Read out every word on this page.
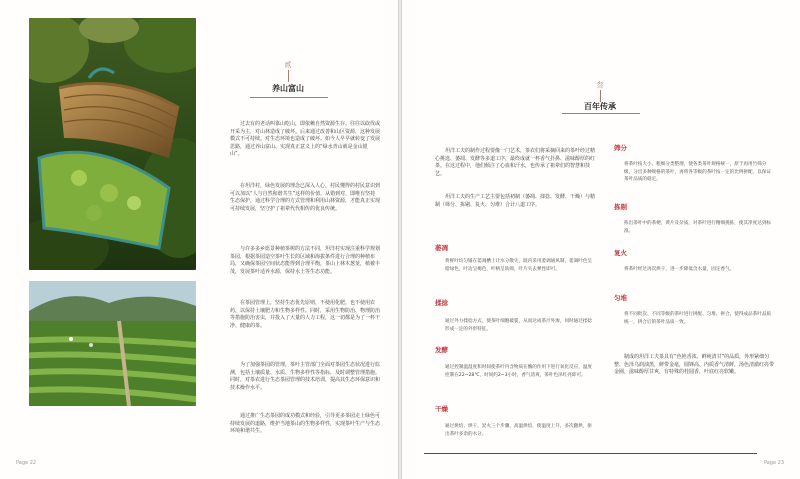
贰
养山富山

过去有的老话叫靠山吃山，即依赖自然资源生存。往往以砍伐或开采为主，对山林造成了破坏。后来通过改善和山区资源，这种发展模式不可持续。对生态环境也造成了破坏。如今人早早就转变了发展思路，通过养山富山、实现真正意义上的“绿水青山就是金山银山”。

在坦洋村，绿色发展的理念已深入人心，村民懂得的村民意识到可以加以“人与自然和谐共生”这样的价值，从错到对，即唯有坚持生态保护，通过科学合理的方式管理和利用山林资源，才能真正实现可持续发展，坚守护了祖辈代代相传的优良传统。

与许多多乡愿景种植茶树的方法不同，坦洋村实现注重科学规划茶园，根据茶园造空茶叶生长的区域和海拔条件进行合理的种植布局，又确保茶园空间状态能得到合理平衡，茶山上林木葱茏，植被丰茂，发展茶叶适养水源，保持水土等生态功能。

在茶园管理上，坚持生态优先原则，不使用化肥，也不使用农药，以保持土壤肥力和生物多样性。同时，采用生物防治、物理防治等措施防治害虫，并投入了大量的人力工程，这一切都是为了一杯干净、健康的茶。

为了加强茶园的管理，茶叶主管部门全面对茶园生态状况进行监测，包括土壤质量、水质、生物多样性等指标，及时调整管理措施。同时，对茶农进行生态茶园管理的技术培训，提高其生态环保意识和技术操作水平。

通过推广生态茶园的成功模式和经验，引导更多茶园走上绿色可持续发展的道路，维护当地茶山的生物多样性，实现茶叶生产与生态环境和谐共生。

Page 22
叁
百年传承

坦洋工夫的制作过程要像一门艺术，茶农们将采摘回来的茶叶经过精心挑选、萎凋、发酵等多道工序，最终成就一杯香气扑鼻、滋味醇厚的红茶。在这过程中，他们倾注了心血和汗水，也传承了祖辈们的智慧和技艺。

坦洋工夫的生产工艺主要包括初制（萎凋、揉捻、发酵、干燥）与精制（筛分、拣剔、复火、匀堆）合计八道工序。

萎凋

将鲜叶均匀铺在萎凋槽上让水分散失，既内采用萎调通风制，萎凋叶色呈暗绿色，叶边呈褐色，叶柄呈软绵，叶片失去弹性即可。

揉捻

通过外力揉捻方式，使茶叶细胞破裂，从而达成茶汁外渗，同时通过揉捻形成一定的外形特征。

发酵

通过控制温湿度和时间使茶叶内含物质在酶的作用下进行氧化反应，温度控制在22~28℃，时间约2~3小时，香气清爽，茶叶色泽红亮即可。

干燥

通过烘焙、烘干、炭火三个步骤，高温烘焙，使温度上升，多次翻烘，驱出茶叶多余的水分。

筛分

将茶叶按大小、粗细分类整理，使各类茶叶规格统一，原于再用竹筛分级，分出多种规格的茶叶，再将各等级的茶叶按一定的比例拼配，以保证茶叶品质的稳定。

拣剔

拣出茶叶中的茶梗、黄片及杂质，对茶叶进行精细挑拣，使其净度达到标准。

复火

将茶叶经过再次烘干，进一步降低含水量，固定香气。

匀堆

将不同批次、不同等级的茶叶进行拼配、匀堆、拼合，使得成品茶叶品质统一，拼合后的茶叶品质一致。

制成的坦洋工夫茶具有“色艳香浓、鲜纯清甘”的品质，外形紧细匀整、色泽乌润油黑，鲜带金毫，圆锋高、内质香气清鲜，汤色清澈红亮带金圈，滋味醇厚甘爽，有特殊的桂圆香，叶底红亮软嫩。

Page 23
